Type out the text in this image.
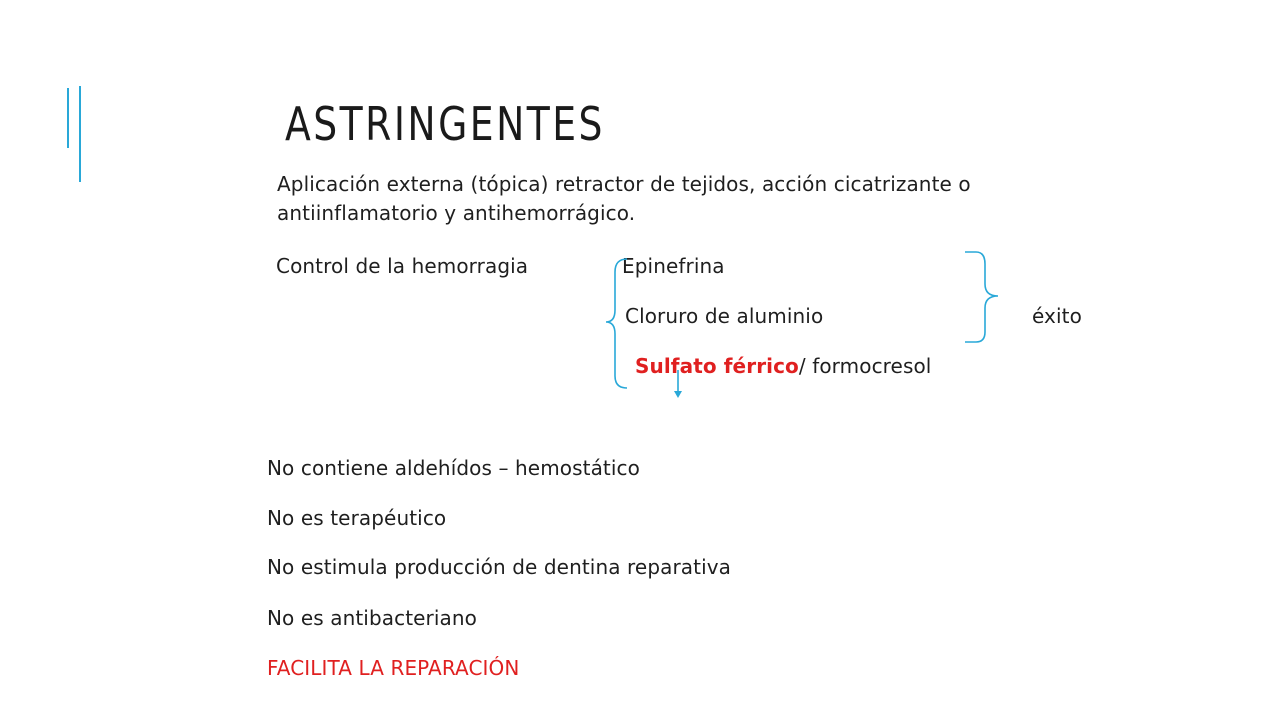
ASTRINGENTES
Aplicación externa (tópica) retractor de tejidos, acción cicatrizante o
antiinflamatorio y antihemorrágico.
Control de la hemorragia	Epinefrina
Cloruro de aluminio	éxito
Sulfato férrico/ formocresol
No contiene aldehídos – hemostático
No es terapéutico
No estimula producción de dentina reparativa
No es antibacteriano
FACILITA LA REPARACIÓN
